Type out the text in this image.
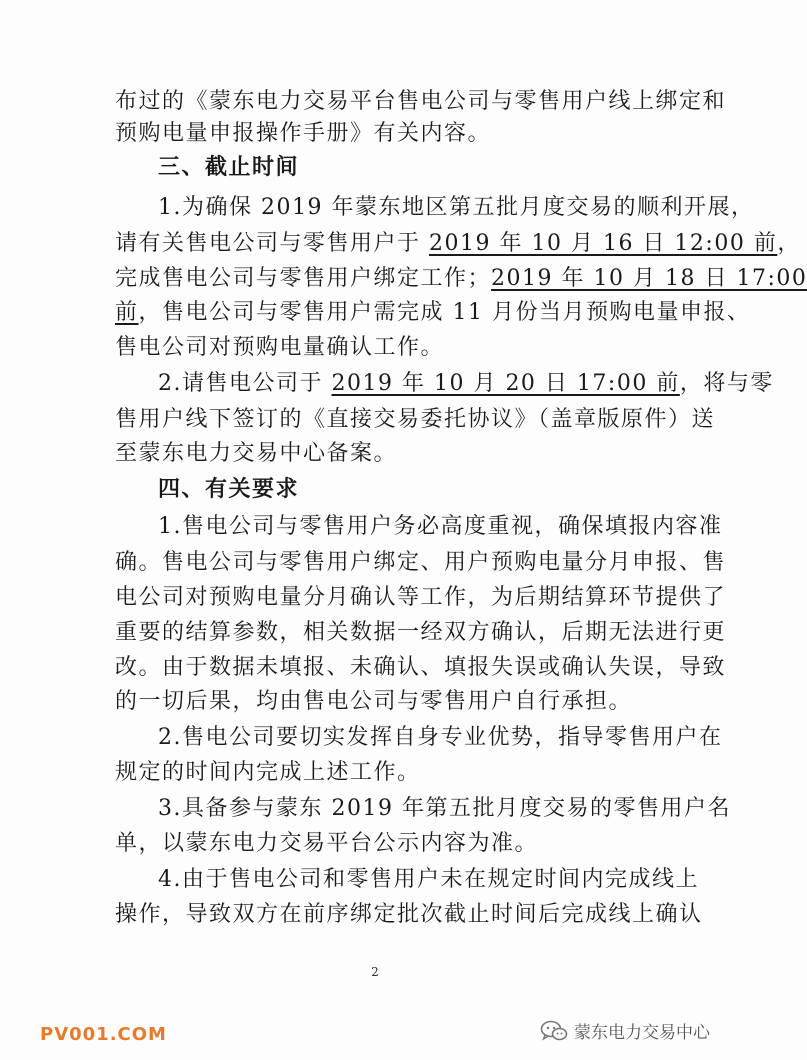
布过的《蒙东电力交易平台售电公司与零售用户线上绑定和
预购电量申报操作手册》有关内容。
三、截止时间
1.为确保 2019 年蒙东地区第五批月度交易的顺利开展，
请有关售电公司与零售用户于 2019 年 10 月 16 日 12:00 前，
完成售电公司与零售用户绑定工作；2019 年 10 月 18 日 17:00
前，售电公司与零售用户需完成 11 月份当月预购电量申报、
售电公司对预购电量确认工作。
2.请售电公司于 2019 年 10 月 20 日 17:00 前，将与零
售用户线下签订的《直接交易委托协议》（盖章版原件）送
至蒙东电力交易中心备案。
四、有关要求
1.售电公司与零售用户务必高度重视，确保填报内容准
确。售电公司与零售用户绑定、用户预购电量分月申报、售
电公司对预购电量分月确认等工作，为后期结算环节提供了
重要的结算参数，相关数据一经双方确认，后期无法进行更
改。由于数据未填报、未确认、填报失误或确认失误，导致
的一切后果，均由售电公司与零售用户自行承担。
2.售电公司要切实发挥自身专业优势，指导零售用户在
规定的时间内完成上述工作。
3.具备参与蒙东 2019 年第五批月度交易的零售用户名
单，以蒙东电力交易平台公示内容为准。
4.由于售电公司和零售用户未在规定时间内完成线上
操作，导致双方在前序绑定批次截止时间后完成线上确认
2
PV001.COM	蒙东电力交易中心
